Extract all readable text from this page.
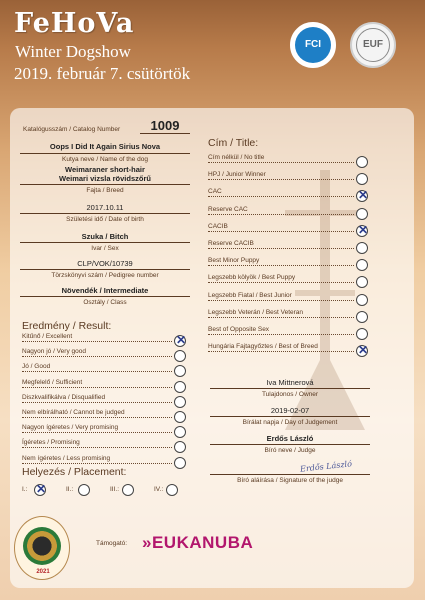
FeHoVa
Winter Dogshow
2019. február 7. csütörtök
FCI	EUF
Katalógusszám / Catalog Number	1009
Oops I Did It Again Sirius Nova
Kutya neve / Name of the dog
Weimaraner short-hair
Weimari vizsla rövidszőrű
Fajta / Breed
2017.10.11
Születési idő / Date of birth
Szuka / Bitch
Ivar / Sex
CLP/VOK/10739
Törzskönyvi szám / Pedigree number
Növendék / Intermediate
Osztály / Class
Eredmény / Result:
Kitűnő / Excellent
✕
Nagyon jó / Very good
Jó / Good
Megfelelő / Sufficient
Diszkvalifikálva / Disqualified
Nem elbírálható / Cannot be judged
Nagyon ígéretes / Very promising
Ígéretes / Promising
Nem ígéretes / Less promising
Helyezés / Placement:
I.:
✕	II.:	III.:	IV.:
Cím / Title:
Cím nélkül / No title
HPJ / Junior Winner
CAC
✕
Reserve CAC
CACIB
✕
Reserve CACIB
Best Minor Puppy
Legszebb kölyök / Best Puppy
Legszebb Fiatal / Best Junior
Legszebb Veterán / Best Veteran
Best of Opposite Sex
Hungária Fajtagyőztes / Best of Breed
✕
Iva Mittnerová
Tulajdonos / Owner
2019-02-07
Bírálat napja / Day of Judgement
Erdős László
Bíró neve / Judge
Erdős László
Bíró aláírása / Signature of the judge
2021
Támogató: »EUKANUBA
